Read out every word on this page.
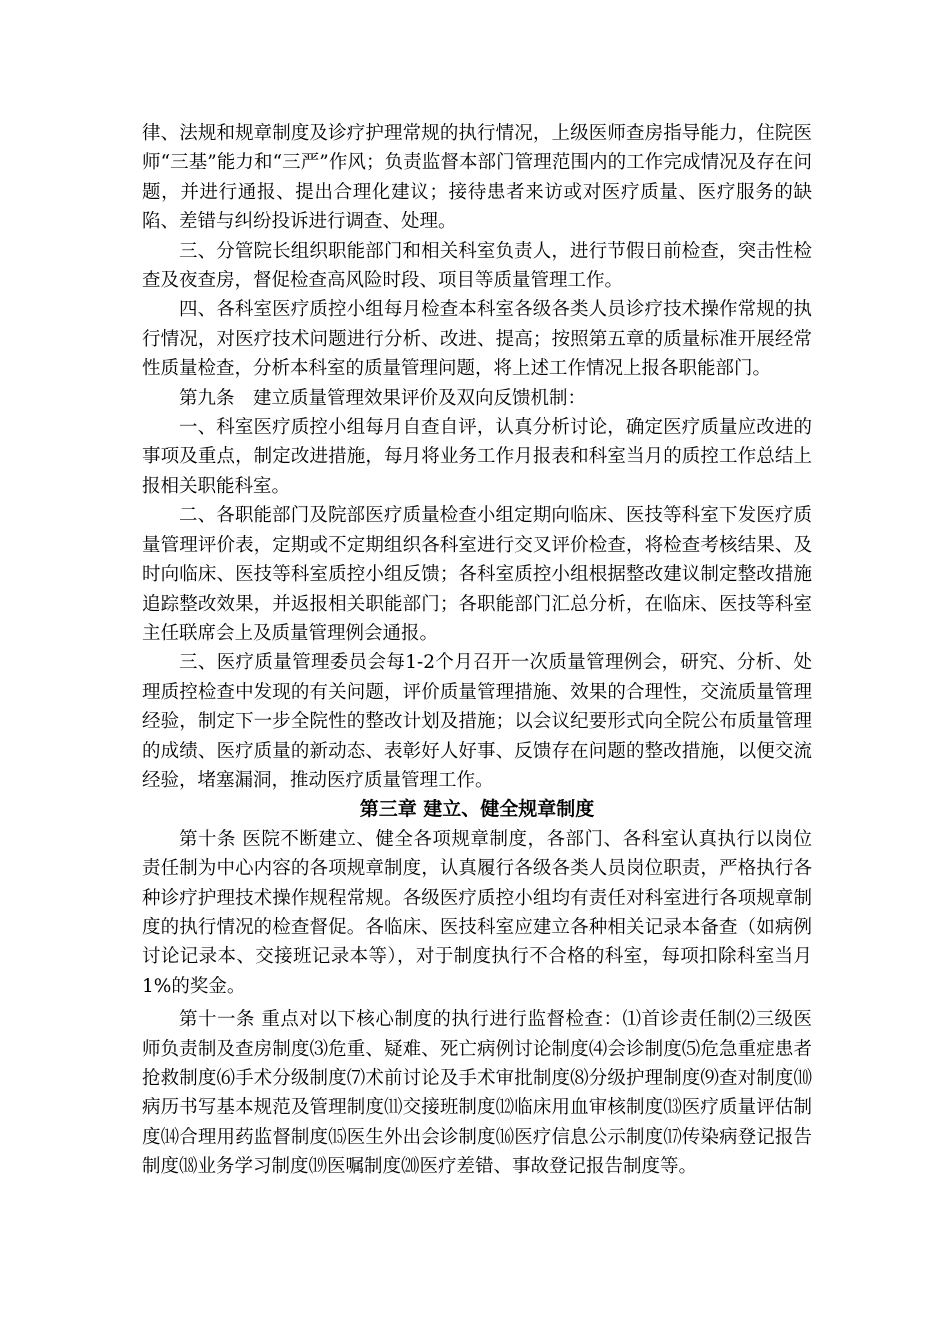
律、法规和规章制度及诊疗护理常规的执行情况，上级医师查房指导能力，住院医师“三基”能力和“三严”作风；负责监督本部门管理范围内的工作完成情况及存在问题，并进行通报、提出合理化建议；接待患者来访或对医疗质量、医疗服务的缺陷、差错与纠纷投诉进行调查、处理。

三、分管院长组织职能部门和相关科室负责人，进行节假日前检查，突击性检查及夜查房，督促检查高风险时段、项目等质量管理工作。

四、各科室医疗质控小组每月检查本科室各级各类人员诊疗技术操作常规的执行情况，对医疗技术问题进行分析、改进、提高；按照第五章的质量标准开展经常性质量检查，分析本科室的质量管理问题，将上述工作情况上报各职能部门。

第九条　建立质量管理效果评价及双向反馈机制：

一、科室医疗质控小组每月自查自评，认真分析讨论，确定医疗质量应改进的事项及重点，制定改进措施，每月将业务工作月报表和科室当月的质控工作总结上报相关职能科室。

二、各职能部门及院部医疗质量检查小组定期向临床、医技等科室下发医疗质量管理评价表，定期或不定期组织各科室进行交叉评价检查，将检查考核结果、及时向临床、医技等科室质控小组反馈；各科室质控小组根据整改建议制定整改措施追踪整改效果，并返报相关职能部门；各职能部门汇总分析，在临床、医技等科室主任联席会上及质量管理例会通报。

三、医疗质量管理委员会每1-2个月召开一次质量管理例会，研究、分析、处理质控检查中发现的有关问题，评价质量管理措施、效果的合理性，交流质量管理经验，制定下一步全院性的整改计划及措施；以会议纪要形式向全院公布质量管理的成绩、医疗质量的新动态、表彰好人好事、反馈存在问题的整改措施，以便交流经验，堵塞漏洞，推动医疗质量管理工作。

第三章 建立、健全规章制度

第十条 医院不断建立、健全各项规章制度，各部门、各科室认真执行以岗位责任制为中心内容的各项规章制度，认真履行各级各类人员岗位职责，严格执行各种诊疗护理技术操作规程常规。各级医疗质控小组均有责任对科室进行各项规章制度的执行情况的检查督促。各临床、医技科室应建立各种相关记录本备查（如病例讨论记录本、交接班记录本等），对于制度执行不合格的科室，每项扣除科室当月1%的奖金。

第十一条 重点对以下核心制度的执行进行监督检查：⑴首诊责任制⑵三级医师负责制及查房制度⑶危重、疑难、死亡病例讨论制度⑷会诊制度⑸危急重症患者抢救制度⑹手术分级制度⑺术前讨论及手术审批制度⑻分级护理制度⑼查对制度⑽病历书写基本规范及管理制度⑾交接班制度⑿临床用血审核制度⒀医疗质量评估制度⒁合理用药监督制度⒂医生外出会诊制度⒃医疗信息公示制度⒄传染病登记报告制度⒅业务学习制度⒆医嘱制度⒇医疗差错、事故登记报告制度等。
